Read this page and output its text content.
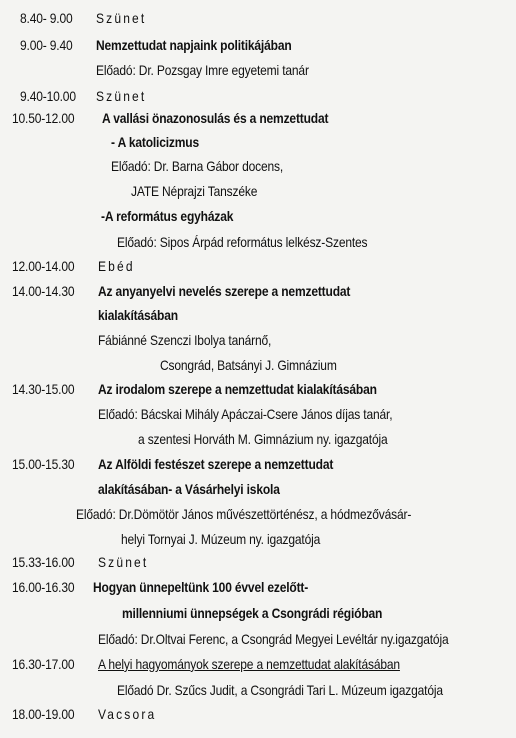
8.40- 9.00 Szünet
9.00- 9.40 Nemzettudat napjaink politikájában
Előadó: Dr. Pozsgay Imre egyetemi tanár
9.40-10.00 Szünet
10.50-12.00 A vallási önazonosulás és a nemzettudat
- A katolicizmus
Előadó: Dr. Barna Gábor docens,
JATE Néprajzi Tanszéke
-A református egyházak
Előadó: Sipos Árpád református lelkész-Szentes
12.00-14.00 Ebéd
14.00-14.30 Az anyanyelvi nevelés szerepe a nemzettudat
kialakításában
Fábiánné Szenczi Ibolya tanárnő,
Csongrád, Batsányi J. Gimnázium
14.30-15.00 Az irodalom szerepe a nemzettudat kialakításában
Előadó: Bácskai Mihály Apáczai-Csere János díjas tanár,
a szentesi Horváth M. Gimnázium ny. igazgatója
15.00-15.30 Az Alföldi festészet szerepe a nemzettudat
alakításában- a Vásárhelyi iskola
Előadó: Dr.Dömötör János művészettörténész, a hódmezővásár-
helyi Tornyai J. Múzeum ny. igazgatója
15.33-16.00 Szünet
16.00-16.30 Hogyan ünnepeltünk 100 évvel ezelőtt-
millenniumi ünnepségek a Csongrádi régióban
Előadó: Dr.Oltvai Ferenc, a Csongrád Megyei Levéltár ny.igazgatója
16.30-17.00 A helyi hagyományok szerepe a nemzettudat alakításában
Előadó Dr. Szűcs Judit, a Csongrádi Tari L. Múzeum igazgatója
18.00-19.00 Vacsora
